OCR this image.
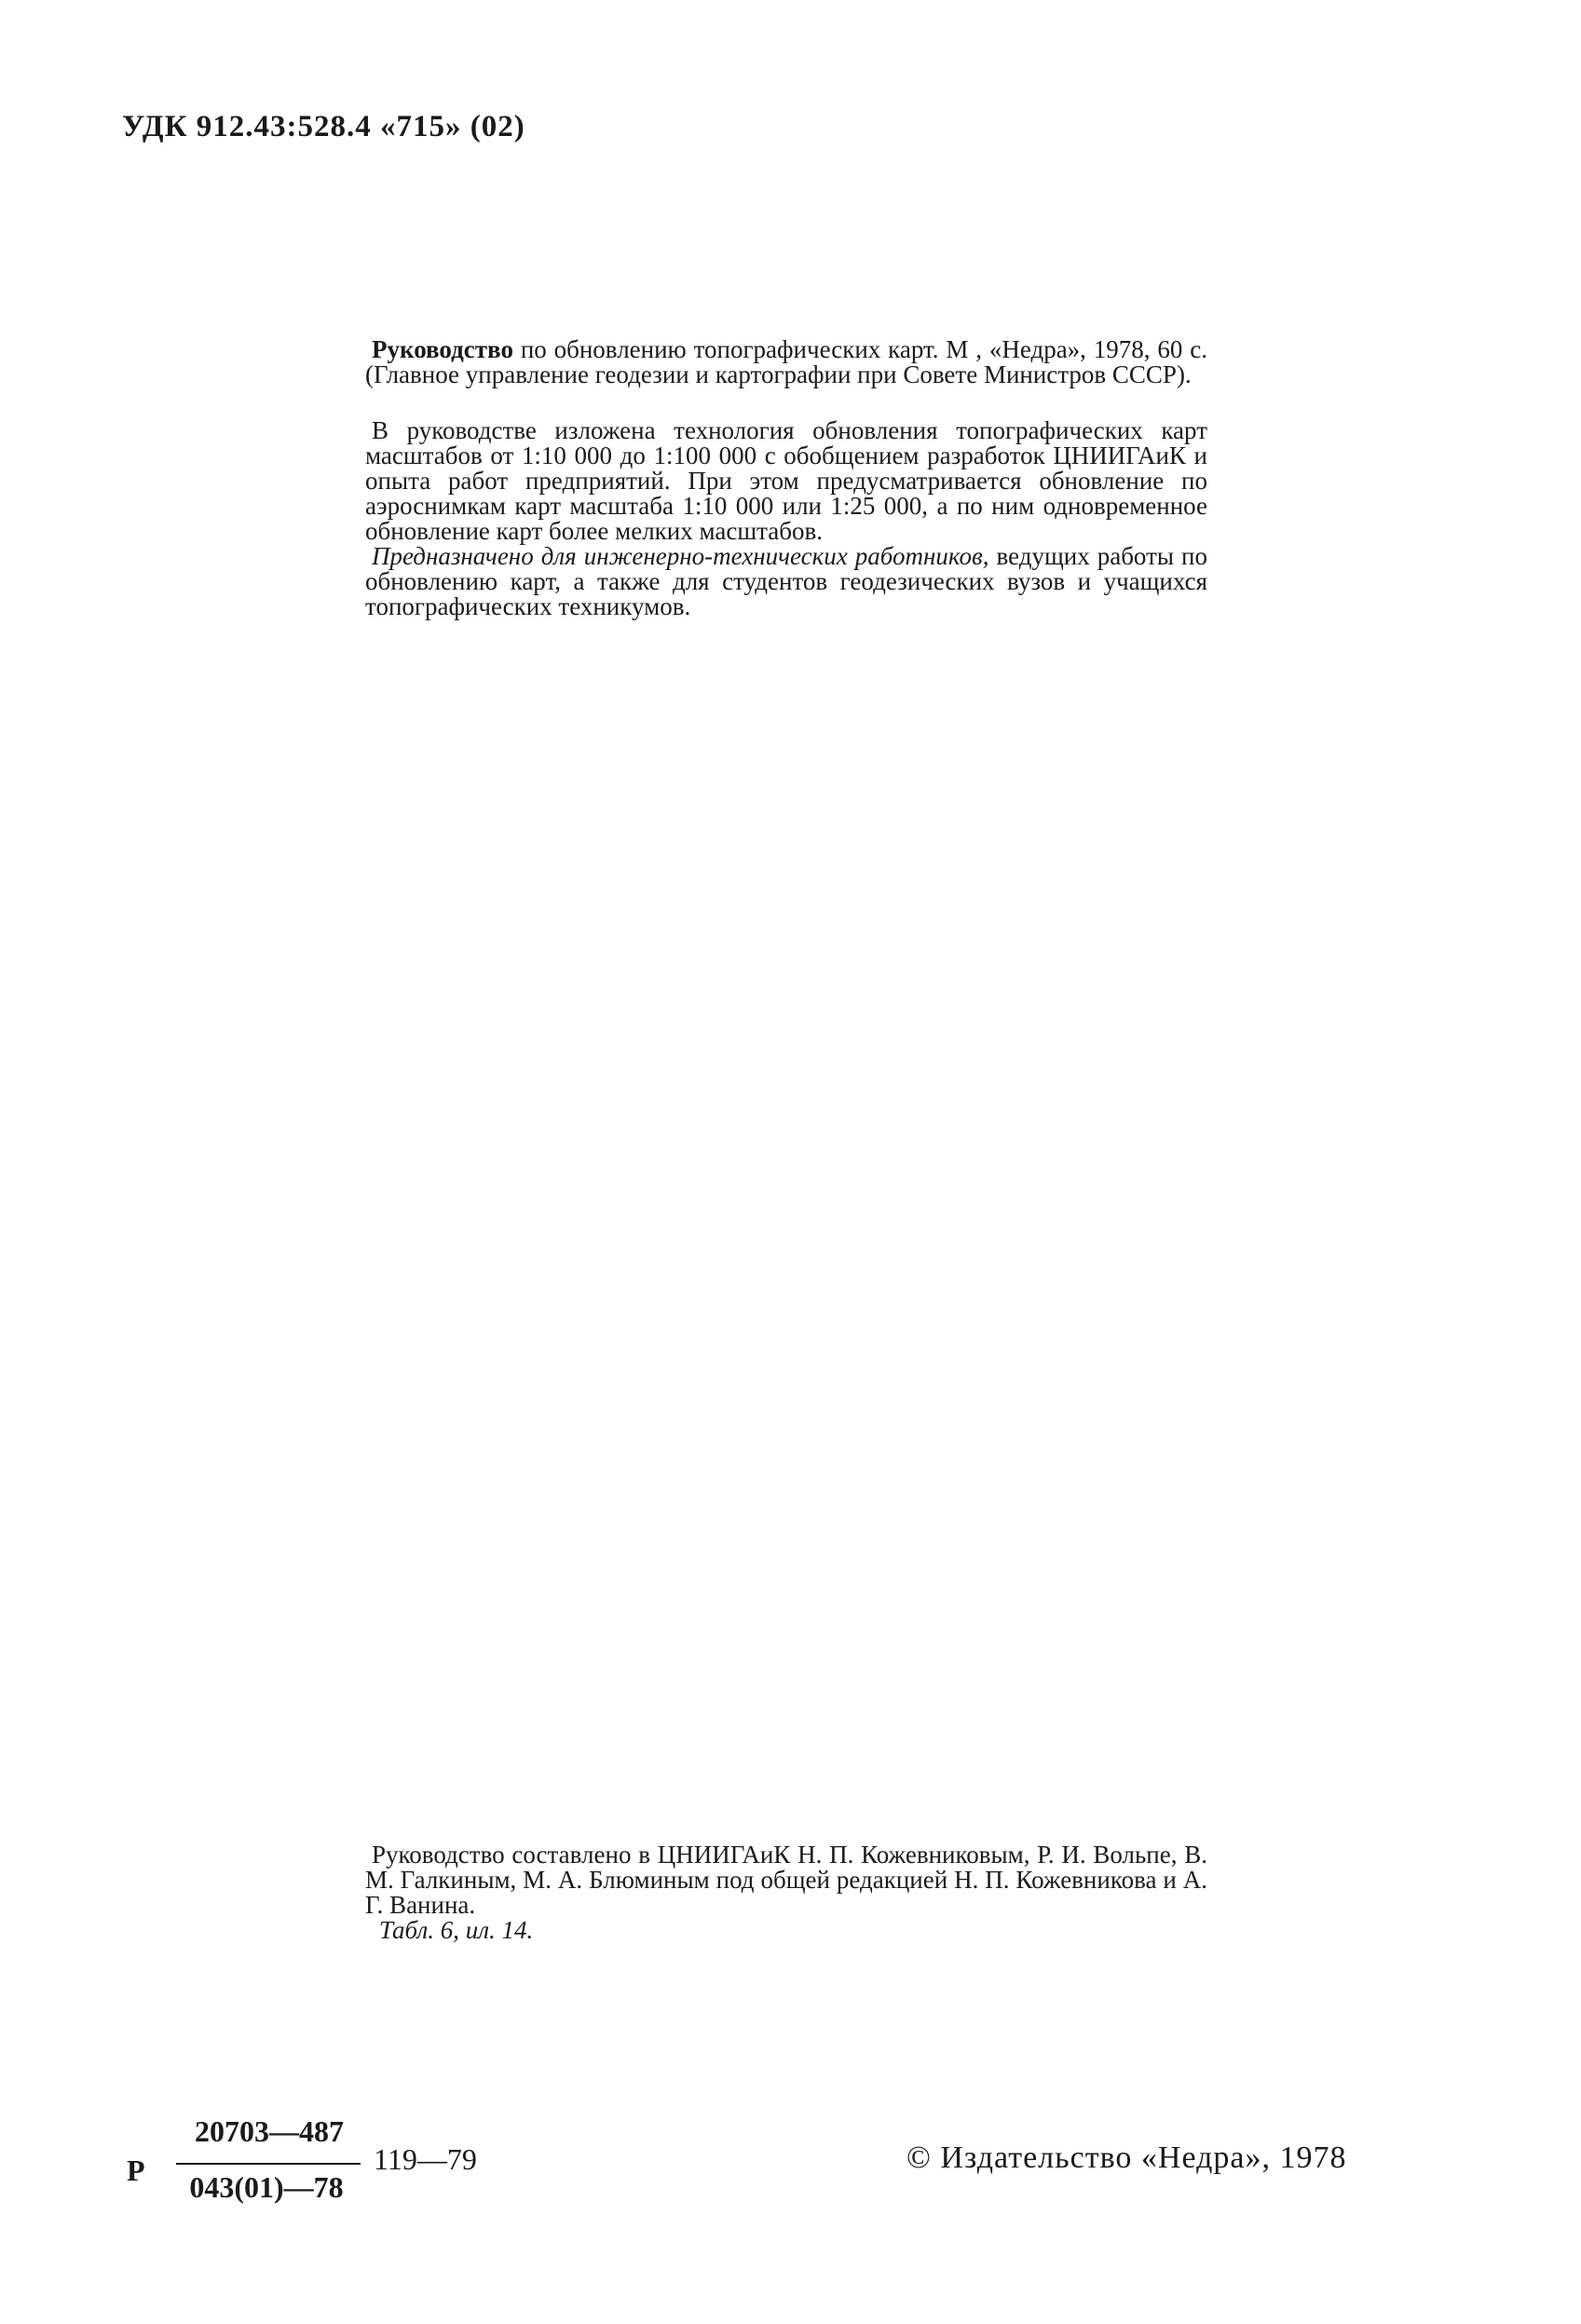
УДК 912.43:528.4 «715» (02)

Руководство по обновлению топографических карт. М , «Недра», 1978, 60 с. (Главное управление геодезии и картографии при Совете Министров СССР).

В руководстве изложена технология обновления топографических карт масштабов от 1:10 000 до 1:100 000 с обобщением разработок ЦНИИГАиК и опыта работ предприятий. При этом предусматривается обновление по аэроснимкам карт масштаба 1:10 000 или 1:25 000, а по ним одновременное обновление карт более мелких масштабов.

Предназначено для инженерно-технических работников, ведущих работы по обновлению карт, а также для студентов геодезических вузов и учащихся топографических техникумов.

Руководство составлено в ЦНИИГАиК Н. П. Кожевниковым, Р. И. Вольпе, В. М. Галкиным, М. А. Блюминым под общей редакцией Н. П. Кожевникова и А. Г. Ванина.

Табл. 6, ил. 14.

Р
20703—487
043(01)—78
119—79	© Издательство «Недра», 1978
